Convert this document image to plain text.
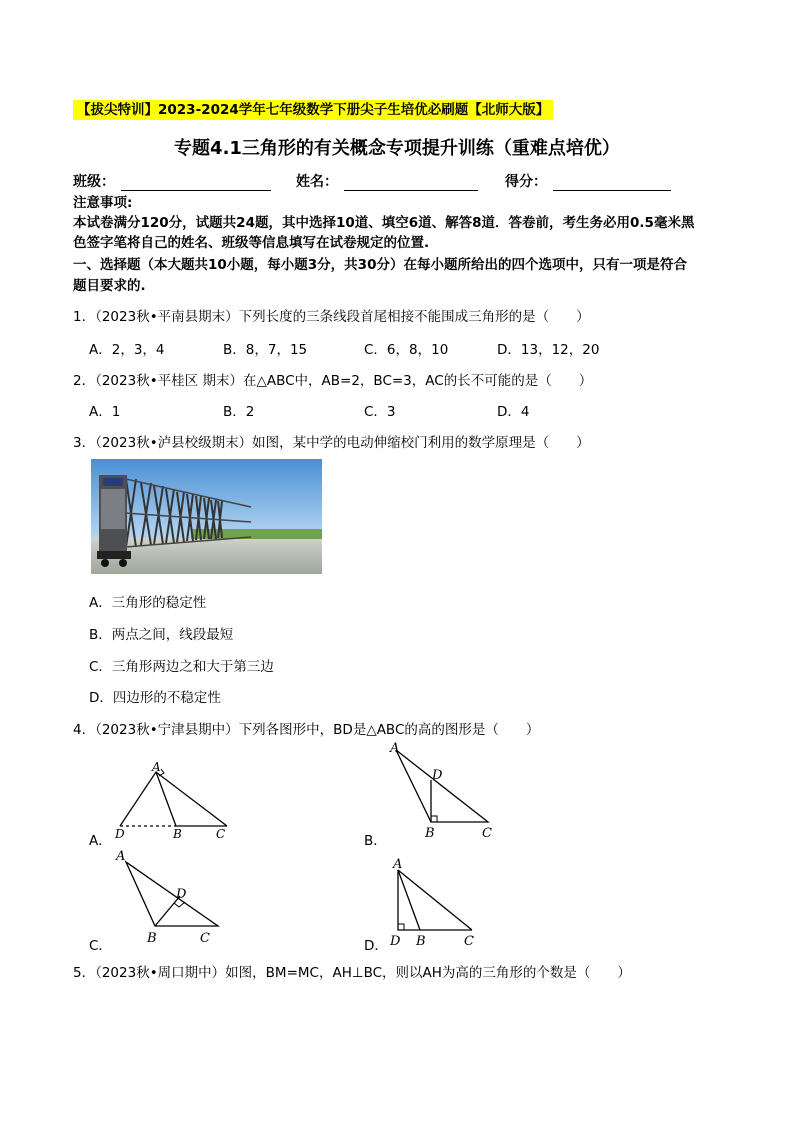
【拔尖特训】2023-2024学年七年级数学下册尖子生培优必刷题【北师大版】
专题4.1三角形的有关概念专项提升训练（重难点培优）
班级：	姓名：	得分：
注意事项:
本试卷满分120分，试题共24题，其中选择10道、填空6道、解答8道．答卷前，考生务必用0.5毫米黑
色签字笔将自己的姓名、班级等信息填写在试卷规定的位置.
一、选择题（本大题共10小题，每小题3分，共30分）在每小题所给出的四个选项中，只有一项是符合
题目要求的.
1．（2023秋•平南县期末）下列长度的三条线段首尾相接不能围成三角形的是（　　）
A．2，3，4	B．8，7，15	C．6，8，10	D．13，12，20
2．（2023秋•平桂区 期末）在△ABC中，AB=2，BC=3，AC的长不可能的是（　　）
A．1	B．2	C．3	D．4
3．（2023秋•泸县校级期末）如图，某中学的电动伸缩校门利用的数学原理是（　　）
A．三角形的稳定性
B．两点之间，线段最短
C．三角形两边之和大于第三边
D．四边形的不稳定性
4．（2023秋•宁津县期中）下列各图形中，BD是△ABC的高的图形是（　　）
A．	B．
C．	D．
A
D	B	C
A
D
B	C
A
D
B	C
A
D B	C
5．（2023秋•周口期中）如图，BM=MC，AH⊥BC，则以AH为高的三角形的个数是（　　）
